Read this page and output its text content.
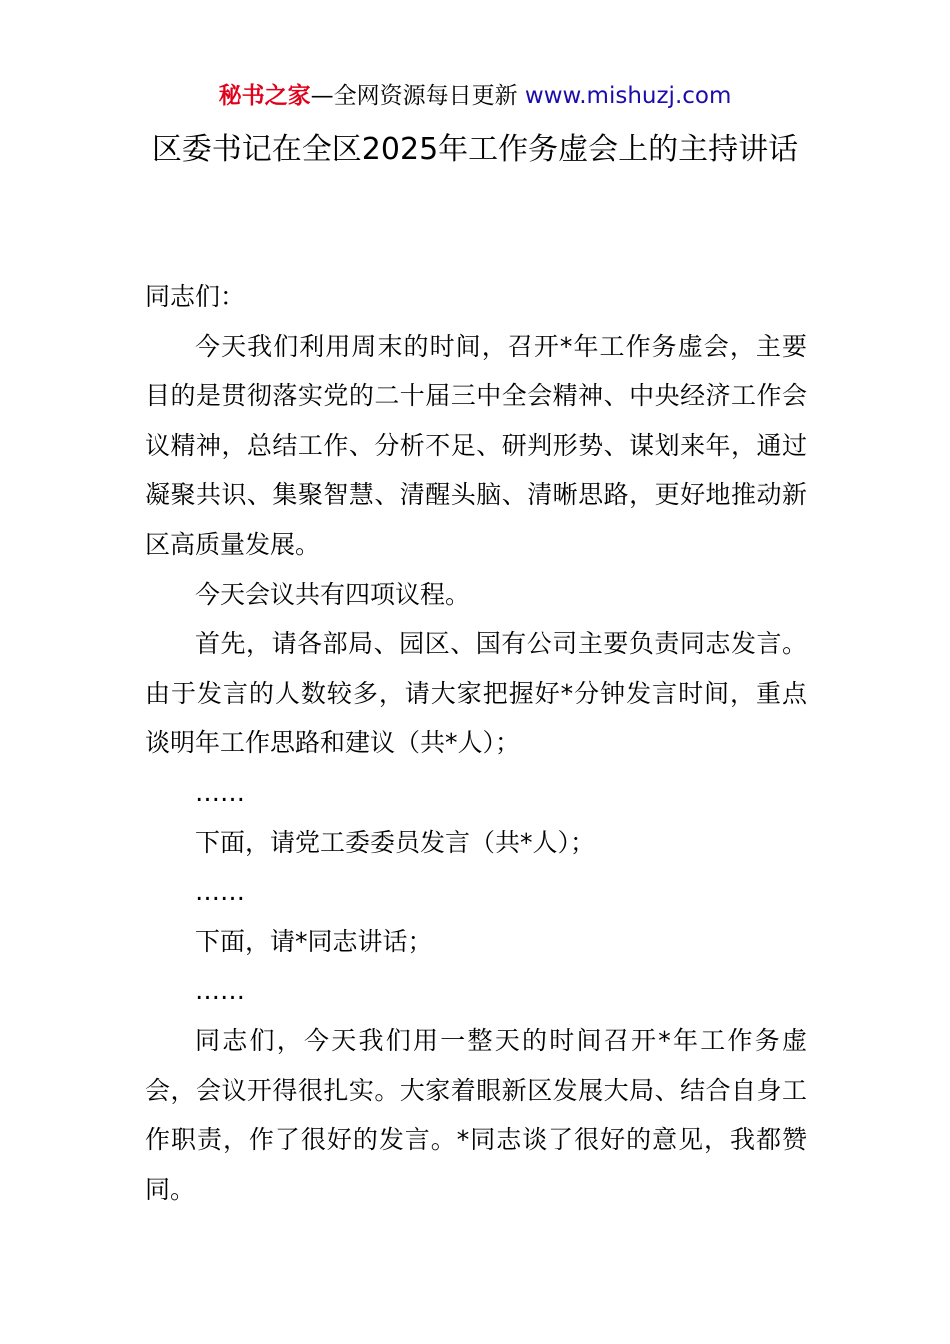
秘书之家—全网资源每日更新 www.mishuzj.com
区委书记在全区2025年工作务虚会上的主持讲话

同志们：

今天我们利用周末的时间，召开*年工作务虚会，主要目的是贯彻落实党的二十届三中全会精神、中央经济工作会议精神，总结工作、分析不足、研判形势、谋划来年，通过凝聚共识、集聚智慧、清醒头脑、清晰思路，更好地推动新区高质量发展。

今天会议共有四项议程。

首先，请各部局、园区、国有公司主要负责同志发言。由于发言的人数较多，请大家把握好*分钟发言时间，重点谈明年工作思路和建议（共*人）；

……

下面，请党工委委员发言（共*人）；

……

下面，请*同志讲话；

……

同志们，今天我们用一整天的时间召开*年工作务虚会，会议开得很扎实。大家着眼新区发展大局、结合自身工作职责，作了很好的发言。*同志谈了很好的意见，我都赞同。
